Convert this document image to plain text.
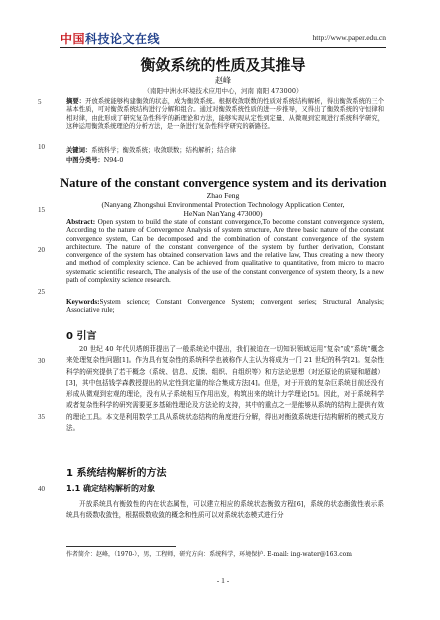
中国科技论文在线	http://www.paper.edu.cn
衡敛系统的性质及其推导
赵峰
（南阳中洲水环境技术应用中心，河南 南阳 473000）
5
10
15
20
25
30
35
40
摘要：开放系统能够构建衡敛的状态，成为衡敛系统。根据收敛联数的性质对系统结构解析，得出衡敛系统的三个基本性质，可对衡敛系统结构进行分解和组合。通过对衡敛系统性质的进一步推导，又得出了衡敛系统的守恒律和相对律，由此形成了研究复杂性科学的新理论和方法，能够实现从定性到定量、从微观到宏观进行系统科学研究，这种运用衡敛系统理论的分析方法，是一条进行复杂性科学研究的新路径。
关键词：系统科学；衡敛系统；收敛联数；结构解析；结合律
中图分类号：N94-0
Nature of the constant convergence system and its derivation
Zhao Feng
(Nanyang Zhongshui Environmental Protection Technology Application Center,
HeNan NanYang 473000)
Abstract: Open system to build the state of constant convergence,To become constant convergence system, According to the nature of Convergence Analysis of system structure, Are three basic nature of the constant convergence system, Can be decomposed and the combination of constant convergence of the system architecture. The nature of the constant convergence of the system by further derivation, Constant convergence of the system has obtained conservation laws and the relative law, Thus creating a new theory and method of complexity science. Can be achieved from qualitative to quantitative, from micro to macro systematic scientific research, The analysis of the use of the constant convergence of system theory, Is a new path of complexity science research.
Keywords:System science; Constant Convergence System; convergent series; Structural Analysis; Associative rule;
0 引言
20 世纪 40 年代贝塔朗菲提出了一般系统论中提出，我们被迫在一切知识领域运用“复杂”或“系统”概念来处理复杂性问题[1]。作为具有复杂性的系统科学也被称作人主认为将成为一门 21 世纪的科学[2]。复杂性科学的研究提供了若干概念（系统、信息、反馈、组织、自组织等）和方法论思想（对还原论的质疑和超越）[3]，其中包括钱学森教授提出的从定性到定量的综合集成方法[4]。但是，对于开放的复杂巨系统目前还没有形成从微观到宏观的理论，没有从子系统相互作用出发，构筑出来的统计力学理论[5]。因此，对于系统科学或者复杂性科学的研究需要更多基础性理论及方法论的支持，其中的重点之一是能够从系统的结构上提供有效的理论工具。本文是利用数学工具从系统状态结构的角度进行分解，得出对衡敛系统进行结构解析的模式及方法。
1 系统结构解析的方法
1.1 确定结构解析的对象
开放系统具有衡敛性的内在状态属性，可以建立相应的系统状态衡敛方程[6]，系统的状态衡敛性表示系统具有级数收敛性，根据级数收敛的概念和性质可以对系统状态模式进行分
作者简介：赵峰，（1970-），男，工程师，研究方向：系统科学，环境保护. E-mail: ing-water@163.com
- 1 -
